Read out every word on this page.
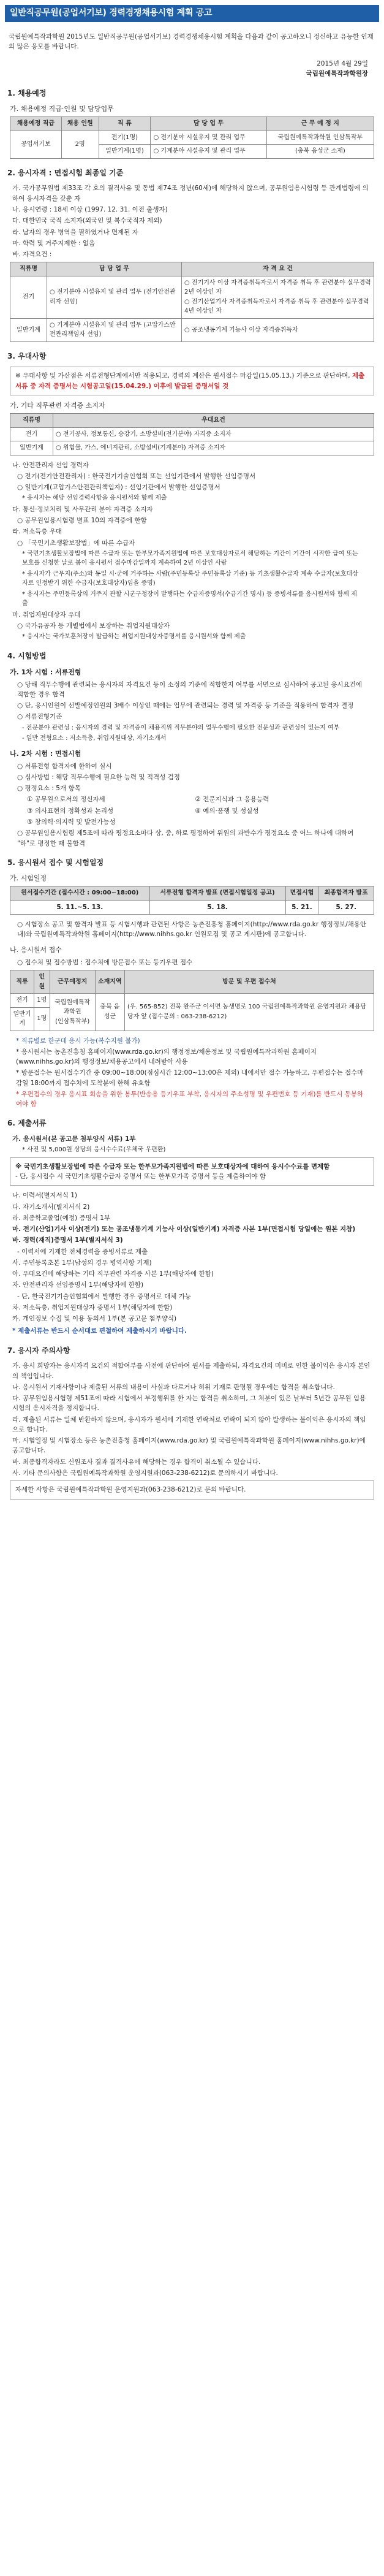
일반직공무원(공업서기보) 경력경쟁채용시험 계획 공고

국립원예특작과학원 2015년도 일반직공무원(공업서기보) 경력경쟁채용시험 계획을 다음과 같이 공고하오니 정신하고 유능한 인재의 많은 응모를 바랍니다.

2015년 4월 29일

국립원예특작과학원장

1. 채용예정
가. 채용예정 직급·인원 및 담당업무
채용예정 직급	채용 인원	직 류	담 당 업 무	근 무 예 정 지
공업서기보	2명	전기(1명)	○ 전기분야 시설유지 및 관리 업무	국립원예특작과학원 인삼특작부
		일반기계(1명)	○ 기계분야 시설유지 및 관리 업무	(충북 음성군 소재)
2. 응시자격 : 면접시험 최종일 기준

가. 국가공무원법 제33조 각 호의 결격사유 및 동법 제74조 정년(60세)에 해당하지 않으며, 공무원임용시험령 등 관계법령에 의하여 응시자격을 갖춘 자

나. 응시연령 : 18세 이상 (1997. 12. 31. 이전 출생자)

다. 대한민국 국적 소지자(외국인 및 복수국적자 제외)

라. 남자의 경우 병역을 필하였거나 면제된 자

마. 학력 및 거주지제한 : 없음

바. 자격요건 :

직류명	담 당 업 무	자 격 요 건
전기	○ 전기분야 시설유지 및 관리 업무 (전기안전관리자 선임)	○ 전기기사 이상 자격증취득자로서 자격증 취득 후 관련분야 실무경력 2년 이상인 자
○ 전기산업기사 자격증취득자로서 자격증 취득 후 관련분야 실무경력 4년 이상인 자
일반기계	○ 기계분야 시설유지 및 관리 업무 (고압가스안전관리책임자 선임)	○ 공조냉동기계 기능사 이상 자격증취득자
3. 우대사항
※ 우대사항 및 가산점은 서류전형단계에서만 적용되고, 경력의 계산은 원서접수 마감일(15.05.13.) 기준으로 판단하며, 제출서류 중 자격 증명서는 시험공고일(15.04.29.) 이후에 발급된 증명서일 것
가. 기타 직무관련 자격증 소지자
직류명	우대요건
전기	○ 전기공사, 정보통신, 승강기, 소방설비(전기분야) 자격증 소지자
일반기계	○ 위험물, 가스, 에너지관리, 소방설비(기계분야) 자격증 소지자

나. 안전관리자 선임 경력자

○ 전기(전기안전관리자) : 한국전기기술인협회 또는 선임기관에서 발행한 선임증명서

○ 일반기계(고압가스안전관리책임자) : 선임기관에서 발행한 선임증명서

* 응시자는 해당 선임경력사항을 응시원서와 함께 제출

다. 통신·정보처리 및 사무관리 분야 자격증 소지자

○ 공무원임용시험령 별표 10의 자격증에 한함

라. 저소득층 우대

○ 「국민기초생활보장법」에 따른 수급자

* 국민기초생활보장법에 따른 수급자 또는 한부모가족지원법에 따른 보호대상자로서 해당하는 기간이 기간이 시작한 급여 또는 보호를 신청한 날로 봄이 응시원서 접수마감일까지 계속하여 2년 이상인 사람

* 응시자가 근무지(주소)와 동일 시·군에 거주하는 사람(주민등록상 주민등록상 기준) 등 기초생활수급자 계속 수급자(보호대상자로 인정받기 위한 수급자(보호대상자)임을 증명)

* 응시자는 주민등록상의 거주지 관할 시군구청장이 발행하는 수급자증명서(수급기간 명시) 등 증빙서류를 응시원서와 함께 제출

마. 취업지원대상자 우대

○ 국가유공자 등 개별법에서 보장하는 취업지원대상자

* 응시자는 국가보훈처장이 발급하는 취업지원대상자증명서를 응시원서와 함께 제출

4. 시험방법
가. 1차 시험 : 서류전형

○ 당해 직무수행에 관련되는 응시자의 자격요건 등이 소정의 기준에 적합한지 여부를 서면으로 심사하여 공고된 응시요건에 적합한 경우 합격

○ 단, 응시인원이 선발예정인원의 3배수 이상인 때에는 업무에 관련되는 경력 및 자격증 등 기준을 적용하여 합격자 결정

○ 서류전형기준

- 전문분야 관련성 : 응시자의 경력 및 자격증이 채용직위 직무분야의 업무수행에 필요한 전문성과 관련성이 있는지 여부

- 일반 전형요소 : 저소득층, 취업지원대상, 자기소개서

나. 2차 시험 : 면접시험

○ 서류전형 합격자에 한하여 실시

○ 심사방법 : 해당 직무수행에 필요한 능력 및 적격성 검정

○ 평정요소 : 5개 항목

① 공무원으로서의 정신자세	② 전문지식과 그 응용능력
③ 의사표현의 정확성과 논리성	④ 예의·품행 및 성실성
⑤ 창의력·의지력 및 발전가능성

○ 공무원임용시험령 제5조에 따라 평정요소마다 상, 중, 하로 평정하여 위원의 과반수가 평정요소 중 어느 하나에 대하여 "하"로 평정한 때 불합격

5. 응시원서 접수 및 시험일정
가. 시험일정
원서접수기간 (접수시간 : 09:00~18:00)	서류전형 합격자 발표 (면접시험일정 공고)	면접시험	최종합격자 발표
5. 11.~5. 13.	5. 18.	5. 21.	5. 27.

○ 시험장소 공고 및 합격자 발표 등 시험시행과 관련된 사항은 농촌진흥청 홈페이지(http://www.rda.go.kr 행정정보/채용안내)와 국립원예특작과학원 홈페이지(http://www.nihhs.go.kr 인원모집 및 공고 게시판)에 공고합니다.

나. 응시원서 접수

○ 접수처 및 접수방법 : 접수처에 방문접수 또는 등기우편 접수

직류	인원	근무예정지	소재지역	방문 및 우편 접수처
전기	1명	국립원예특작과학원
(인삼특작부)	충북 음성군	(우. 565-852) 전북 완주군 이서면 농생명로 100 국립원예특작과학원 운영지원과 채용담당자 앞 (접수문의 : 063-238-6212)
일반기계	1명			

* 직류별로 한군데 응시 가능(복수지원 불가)

* 응시원서는 농촌진흥청 홈페이지(www.rda.go.kr)의 행정정보/채용정보 및 국립원예특작과학원 홈페이지 (www.nihhs.go.kr)의 행정정보/채용공고에서 내려받아 사용

* 방문접수는 원서접수기간 중 09:00~18:00(점심시간 12:00~13:00은 제외) 내에서만 접수 가능하고, 우편접수는 접수마감일 18:00까지 접수처에 도착분에 한해 유효함

* 우편접수의 경우 응시표 회송을 위한 봉투(반송용 등기우표 부착, 응시자의 주소성명 및 우편번호 등 기재)를 반드시 동봉하여야 함

6. 제출서류

가. 응시원서(본 공고문 첨부양식 서류) 1부

* 사진 및 5,000원 상당의 응시수수료(우체국 우편환)

※ 국민기초생활보장법에 따른 수급자 또는 한부모가족지원법에 따른 보호대상자에 대하여 응시수수료를 면제함

- 단, 응시접수 시 국민기초생활수급자 증명서 또는 한부모가족 증명서 등을 제출하여야 함

나. 이력서(별지서식 1)

다. 자기소개서(별지서식 2)

라. 최종학교졸업(예정) 증명서 1부

마. 전기(산업)기사 이상(전기) 또는 공조냉동기계 기능사 이상(일반기계) 자격증 사본 1부(면접시험 당일에는 원본 지참)

바. 경력(재직)증명서 1부(별지서식 3)

- 이력서에 기재한 전체경력을 증빙서류로 제출

사. 주민등록초본 1부(남성의 경우 병역사항 기재)

아. 우대요건에 해당하는 기타 직무관련 자격증 사본 1부(해당자에 한함)

자. 안전관리자 선임증명서 1부(해당자에 한함)

- 단, 한국전기기술인협회에서 발행한 경우 증명서로 대체 가능

차. 저소득층, 취업지원대상자 증명서 1부(해당자에 한함)

카. 개인정보 수집 및 이용 동의서 1부(본 공고문 첨부양식)

* 제출서류는 반드시 순서대로 편철하여 제출하시기 바랍니다.

7. 응시자 주의사항

가. 응시 희망자는 응시자격 요건의 적합여부를 사전에 판단하여 원서를 제출하되, 자격요건의 미비로 인한 불이익은 응시자 본인의 책임입니다.

나. 응시원서 기재사항이나 제출된 서류의 내용이 사실과 다르거나 허위 기재로 판명될 경우에는 합격을 취소합니다.

다. 공무원임용시험령 제51조에 따라 시험에서 부정행위를 한 자는 합격을 취소하며, 그 처분이 있은 날부터 5년간 공무원 임용시험의 응시자격을 정지합니다.

라. 제출된 서류는 일체 반환하지 않으며, 응시자가 원서에 기재한 연락처로 연락이 되지 않아 발생하는 불이익은 응시자의 책임으로 합니다.

마. 시험일정 및 시험장소 등은 농촌진흥청 홈페이지(www.rda.go.kr) 및 국립원예특작과학원 홈페이지(www.nihhs.go.kr)에 공고합니다.

바. 최종합격자라도 신원조사 결과 결격사유에 해당하는 경우 합격이 취소될 수 있습니다.

사. 기타 문의사항은 국립원예특작과학원 운영지원과(063-238-6212)로 문의하시기 바랍니다.

자세한 사항은 국립원예특작과학원 운영지원과(063-238-6212)로 문의 바랍니다.
